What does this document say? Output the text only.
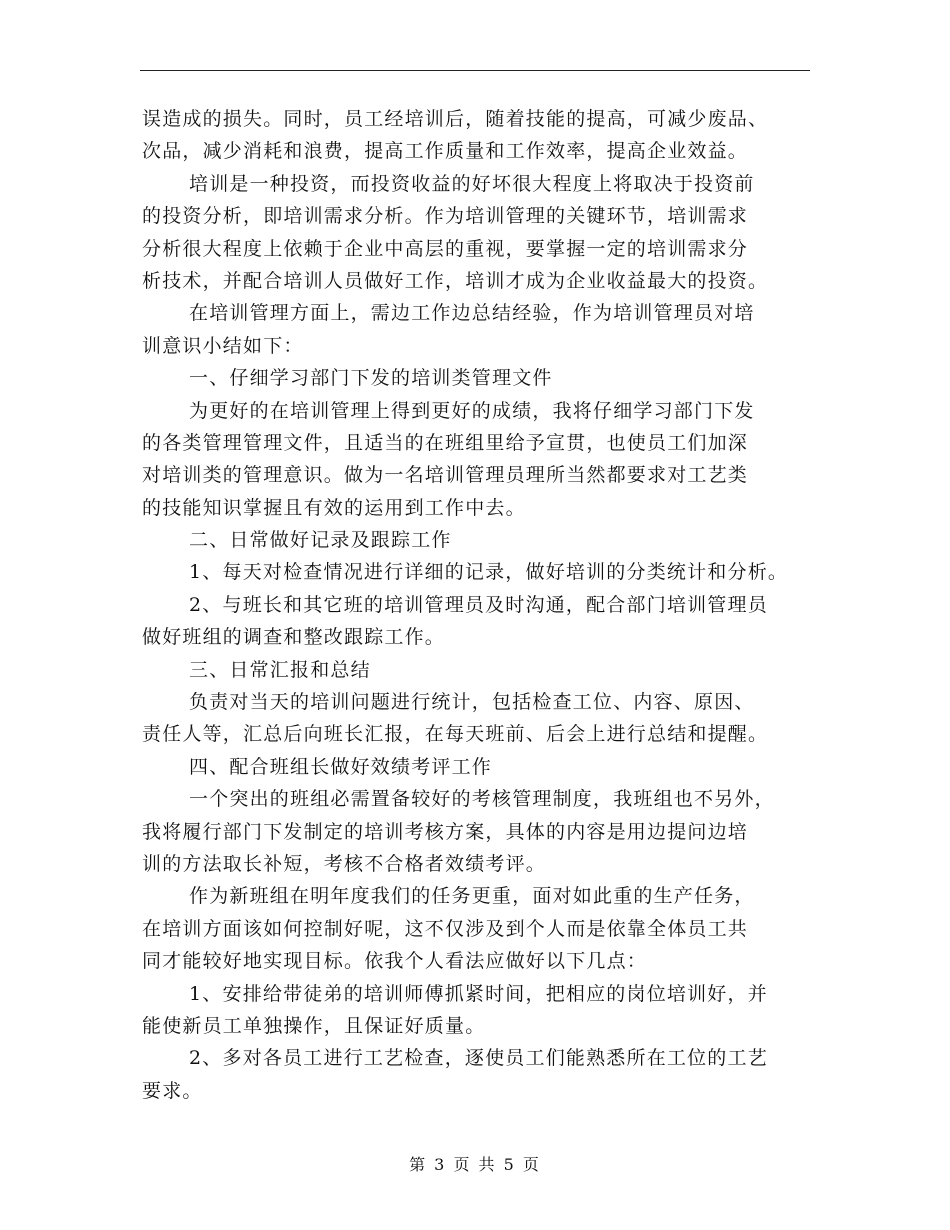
误造成的损失。同时，员工经培训后，随着技能的提高，可减少废品、
次品，减少消耗和浪费，提高工作质量和工作效率，提高企业效益。
培训是一种投资，而投资收益的好坏很大程度上将取决于投资前
的投资分析，即培训需求分析。作为培训管理的关键环节，培训需求
分析很大程度上依赖于企业中高层的重视，要掌握一定的培训需求分
析技术，并配合培训人员做好工作，培训才成为企业收益最大的投资。
在培训管理方面上，需边工作边总结经验，作为培训管理员对培
训意识小结如下：
一、仔细学习部门下发的培训类管理文件
为更好的在培训管理上得到更好的成绩，我将仔细学习部门下发
的各类管理管理文件，且适当的在班组里给予宣贯，也使员工们加深
对培训类的管理意识。做为一名培训管理员理所当然都要求对工艺类
的技能知识掌握且有效的运用到工作中去。
二、日常做好记录及跟踪工作
1、每天对检查情况进行详细的记录，做好培训的分类统计和分析。
2、与班长和其它班的培训管理员及时沟通，配合部门培训管理员
做好班组的调查和整改跟踪工作。
三、日常汇报和总结
负责对当天的培训问题进行统计，包括检查工位、内容、原因、
责任人等，汇总后向班长汇报，在每天班前、后会上进行总结和提醒。
四、配合班组长做好效绩考评工作
一个突出的班组必需置备较好的考核管理制度，我班组也不另外，
我将履行部门下发制定的培训考核方案，具体的内容是用边提问边培
训的方法取长补短，考核不合格者效绩考评。
作为新班组在明年度我们的任务更重，面对如此重的生产任务，
在培训方面该如何控制好呢，这不仅涉及到个人而是依靠全体员工共
同才能较好地实现目标。依我个人看法应做好以下几点：
1、安排给带徒弟的培训师傅抓紧时间，把相应的岗位培训好，并
能使新员工单独操作，且保证好质量。
2、多对各员工进行工艺检查，逐使员工们能熟悉所在工位的工艺
要求。
第 3 页 共 5 页
